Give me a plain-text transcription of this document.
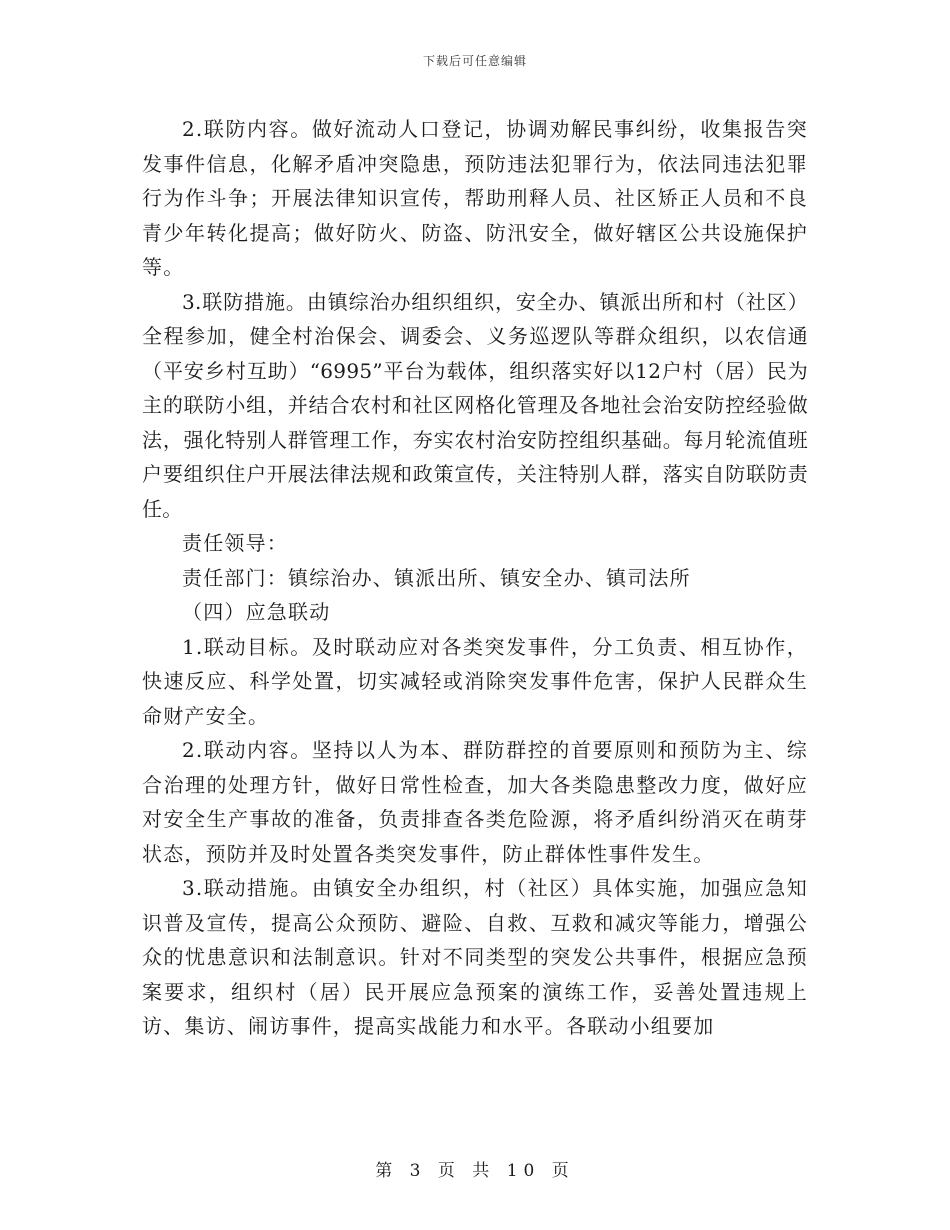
下载后可任意编辑

2.联防内容。做好流动人口登记，协调劝解民事纠纷，收集报告突发事件信息，化解矛盾冲突隐患，预防违法犯罪行为，依法同违法犯罪行为作斗争；开展法律知识宣传，帮助刑释人员、社区矫正人员和不良青少年转化提高；做好防火、防盗、防汛安全，做好辖区公共设施保护等。

3.联防措施。由镇综治办组织组织，安全办、镇派出所和村（社区）全程参加，健全村治保会、调委会、义务巡逻队等群众组织，以农信通（平安乡村互助）“6995”平台为载体，组织落实好以12户村（居）民为主的联防小组，并结合农村和社区网格化管理及各地社会治安防控经验做法，强化特别人群管理工作，夯实农村治安防控组织基础。每月轮流值班户要组织住户开展法律法规和政策宣传，关注特别人群，落实自防联防责任。

责任领导：

责任部门：镇综治办、镇派出所、镇安全办、镇司法所

（四）应急联动

1.联动目标。及时联动应对各类突发事件，分工负责、相互协作，快速反应、科学处置，切实减轻或消除突发事件危害，保护人民群众生命财产安全。

2.联动内容。坚持以人为本、群防群控的首要原则和预防为主、综合治理的处理方针，做好日常性检查，加大各类隐患整改力度，做好应对安全生产事故的准备，负责排查各类危险源，将矛盾纠纷消灭在萌芽状态，预防并及时处置各类突发事件，防止群体性事件发生。

3.联动措施。由镇安全办组织，村（社区）具体实施，加强应急知识普及宣传，提高公众预防、避险、自救、互救和减灾等能力，增强公众的忧患意识和法制意识。针对不同类型的突发公共事件，根据应急预案要求，组织村（居）民开展应急预案的演练工作，妥善处置违规上访、集访、闹访事件，提高实战能力和水平。各联动小组要加

第 3 页 共 10 页
